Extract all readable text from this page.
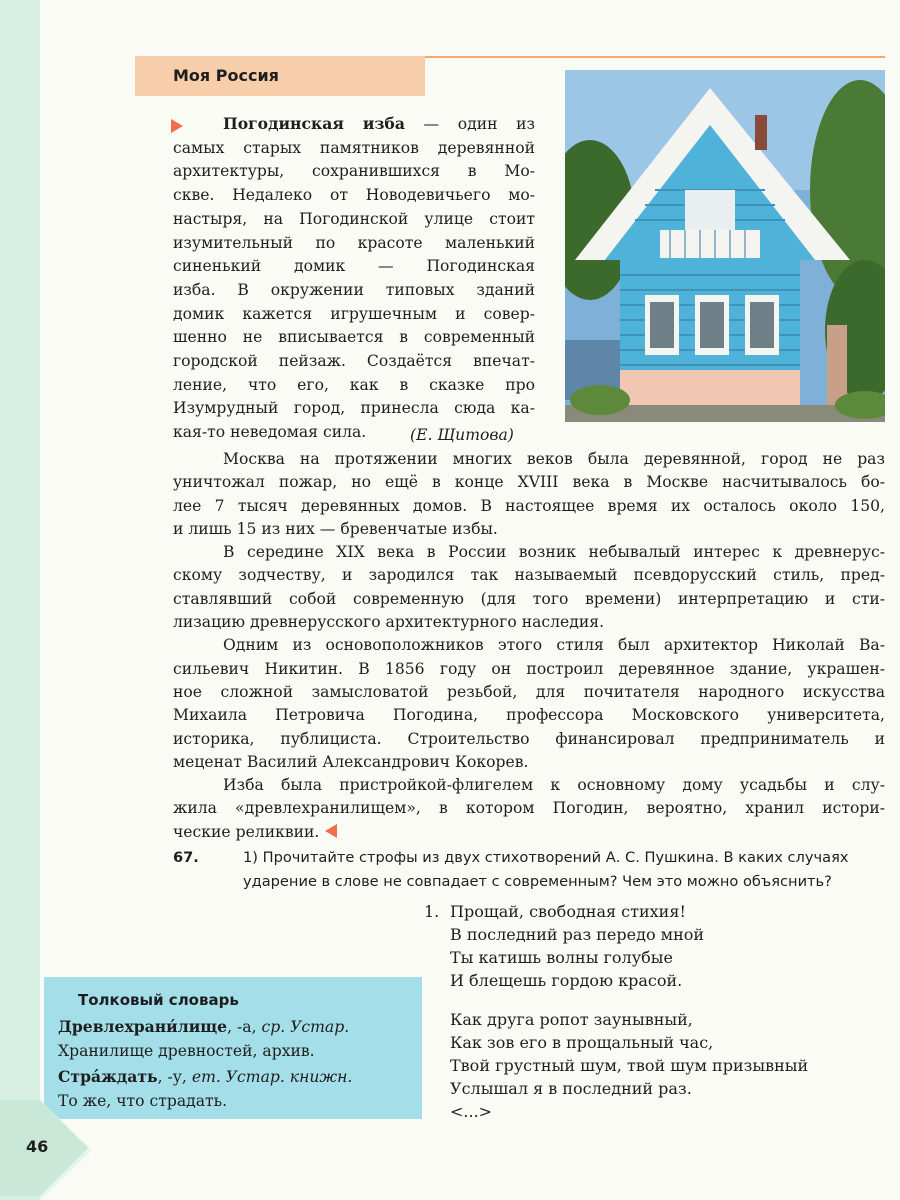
Моя Россия
Погодинская изба — один из
самых старых памятников деревянной
архитектуры, сохранившихся в Мо-
скве. Недалеко от Новодевичьего мо-
настыря, на Погодинской улице стоит
изумительный по красоте маленький
синенький домик — Погодинская
изба. В окружении типовых зданий
домик кажется игрушечным и совер-
шенно не вписывается в современный
городской пейзаж. Создаётся впечат-
ление, что его, как в сказке про
Изумрудный город, принесла сюда ка-
кая-то неведомая сила.	(Е. Щитова)
Москва на протяжении многих веков была деревянной, город не раз
уничтожал пожар, но ещё в конце XVIII века в Москве насчитывалось бо-
лее 7 тысяч деревянных домов. В настоящее время их осталось около 150,
и лишь 15 из них — бревенчатые избы.
В середине XIX века в России возник небывалый интерес к древнерус-
скому зодчеству, и зародился так называемый псевдорусский стиль, пред-
ставлявший собой современную (для того времени) интерпретацию и сти-
лизацию древнерусского архитектурного наследия.
Одним из основоположников этого стиля был архитектор Николай Ва-
сильевич Никитин. В 1856 году он построил деревянное здание, украшен-
ное сложной замысловатой резьбой, для почитателя народного искусства
Михаила Петровича Погодина, профессора Московского университета,
историка, публициста. Строительство финансировал предприниматель и
меценат Василий Александрович Кокорев.
Изба была пристройкой-флигелем к основному дому усадьбы и слу-
жила «древлехранилищем», в котором Погодин, вероятно, хранил истори-
ческие реликвии.
67.	1) Прочитайте строфы из двух стихотворений А. С. Пушкина. В каких случаях
ударение в слове не совпадает с современным? Чем это можно объяснить?
1. Прощай, свободная стихия!
В последний раз передо мной
Ты катишь волны голубые
И блещешь гордою красой.
Как друга ропот заунывный,
Как зов его в прощальный час,
Твой грустный шум, твой шум призывный
Услышал я в последний раз.
<...>
Толковый словарь
Древлехрани́лище, -а, ср. Устар.
Хранилище древностей, архив.
Стра́ждать, -у, ет. Устар. книжн.
То же, что страдать.
46
